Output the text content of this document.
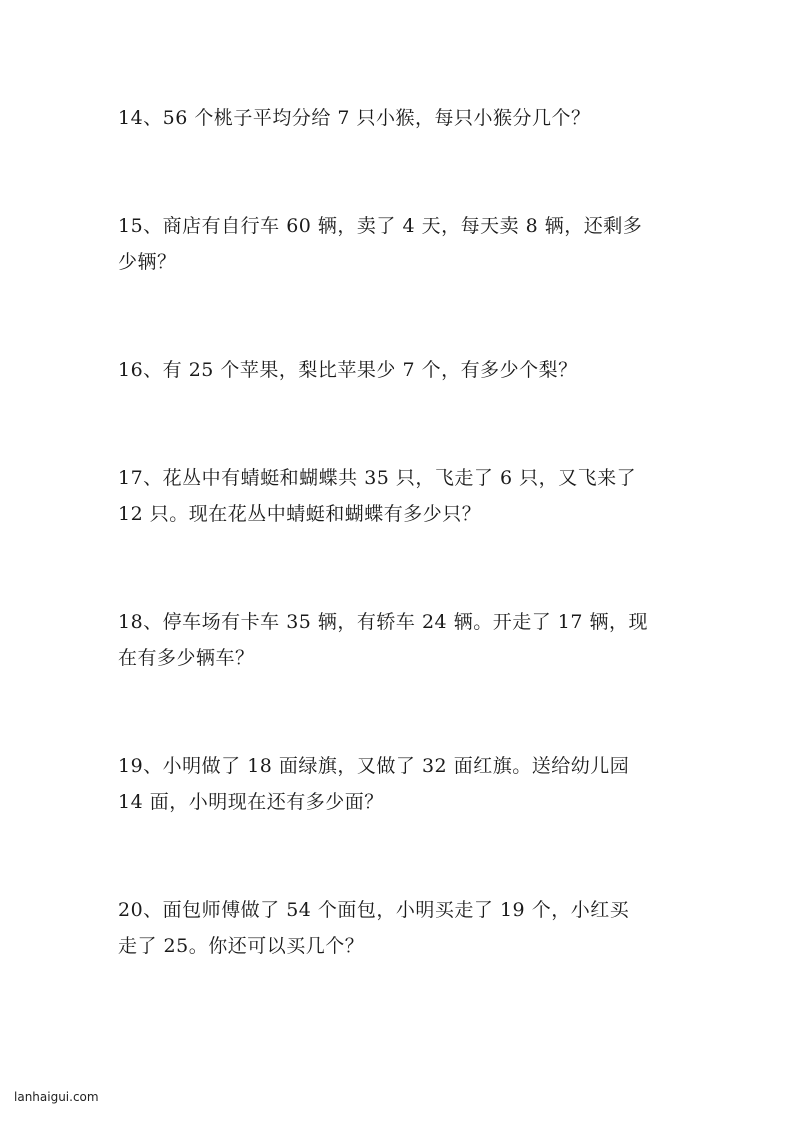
14、56 个桃子平均分给 7 只小猴，每只小猴分几个？

15、商店有自行车 60 辆，卖了 4 天，每天卖 8 辆，还剩多
少辆？

16、有 25 个苹果，梨比苹果少 7 个，有多少个梨？

17、花丛中有蜻蜓和蝴蝶共 35 只，飞走了 6 只，又飞来了
12 只。现在花丛中蜻蜓和蝴蝶有多少只？

18、停车场有卡车 35 辆，有轿车 24 辆。开走了 17 辆，现
在有多少辆车？

19、小明做了 18 面绿旗，又做了 32 面红旗。送给幼儿园
14 面，小明现在还有多少面？

20、面包师傅做了 54 个面包，小明买走了 19 个，小红买
走了 25。你还可以买几个？

lanhaigui.com
